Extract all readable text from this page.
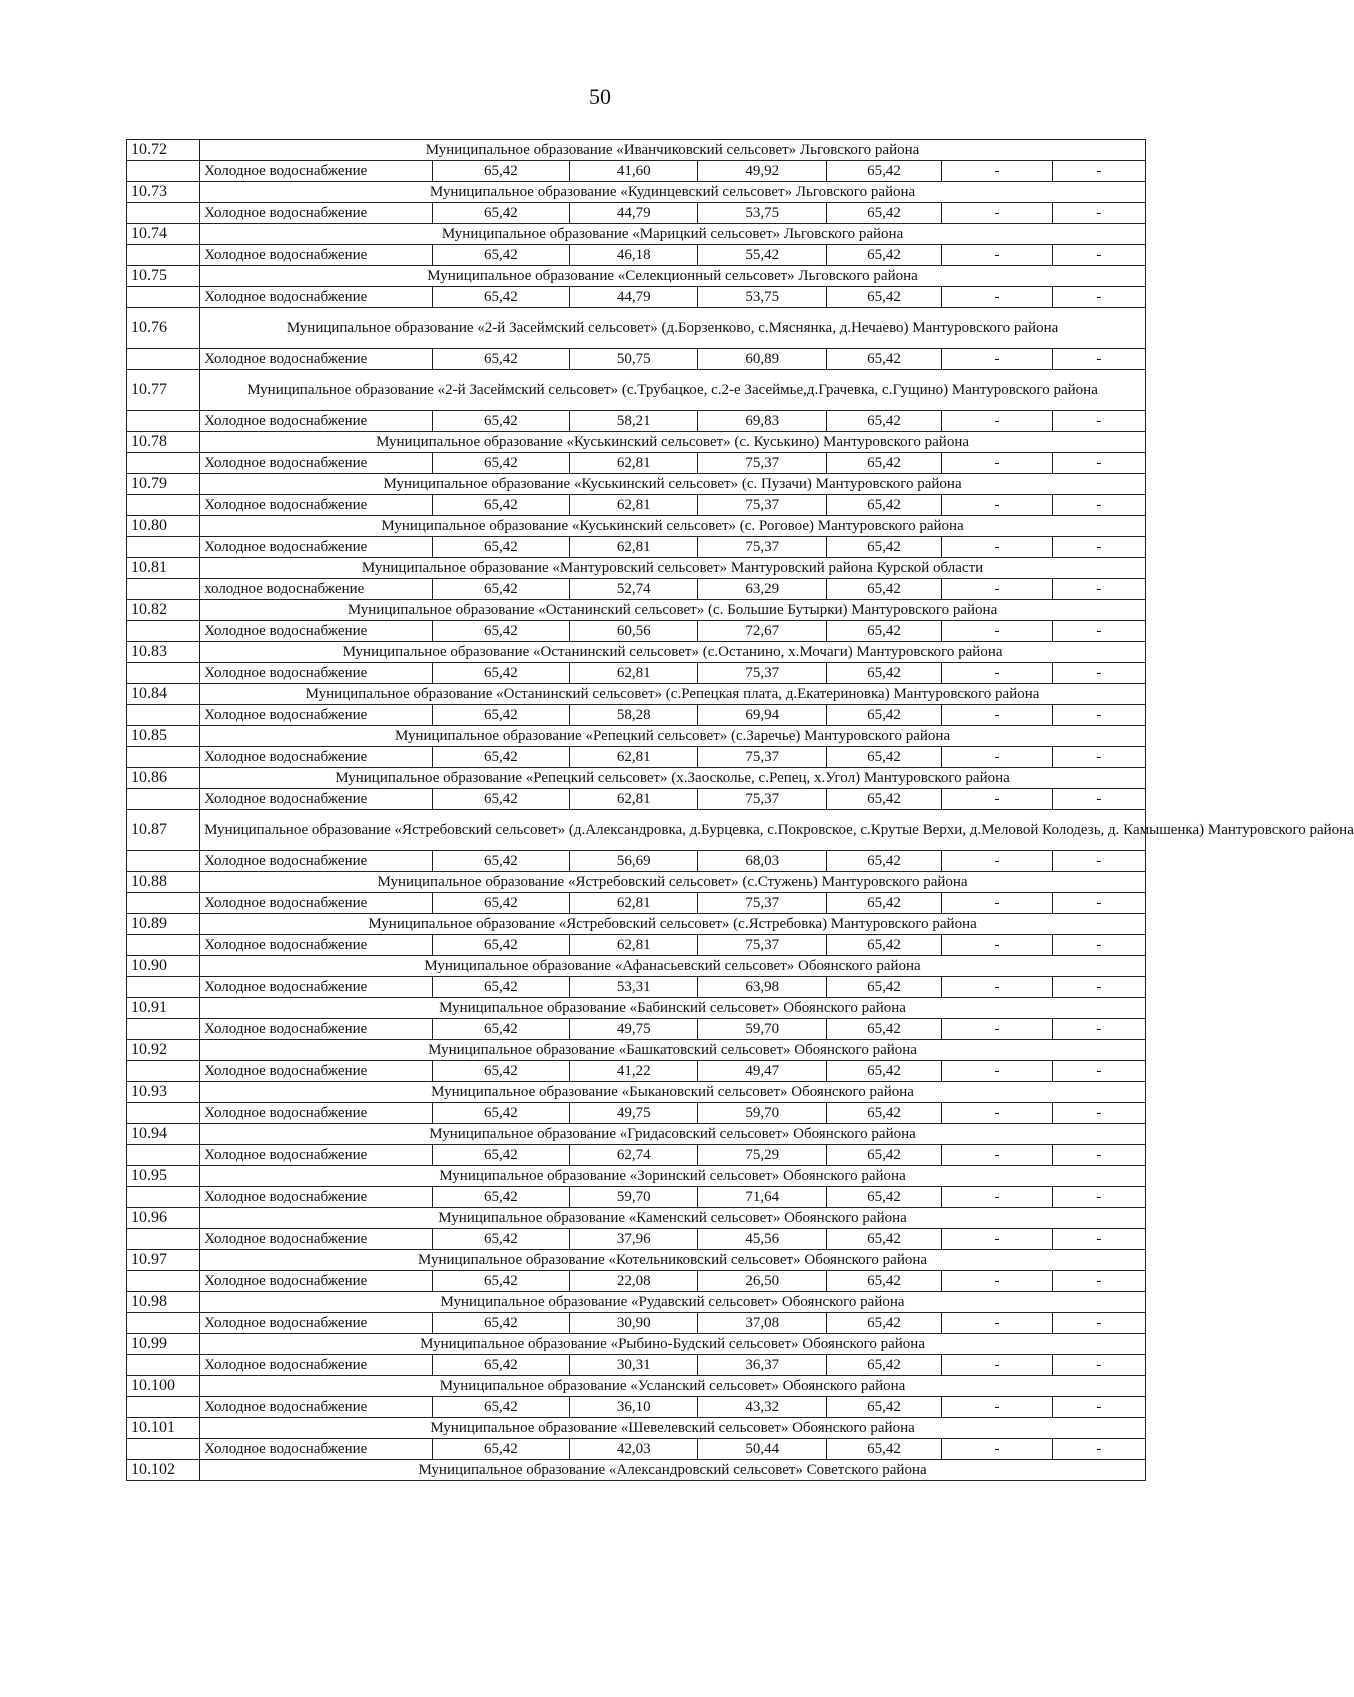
50
10.72	Муниципальное образование «Иванчиковский сельсовет» Льговского района						
	Холодное водоснабжение	65,42	41,60	49,92	65,42	-	-
10.73	Муниципальное образование «Кудинцевский сельсовет» Льговского района						
	Холодное водоснабжение	65,42	44,79	53,75	65,42	-	-
10.74	Муниципальное образование «Марицкий сельсовет» Льговского района						
	Холодное водоснабжение	65,42	46,18	55,42	65,42	-	-
10.75	Муниципальное образование «Селекционный сельсовет» Льговского района						
	Холодное водоснабжение	65,42	44,79	53,75	65,42	-	-
10.76	Муниципальное образование «2-й Засеймский сельсовет» (д.Борзенково, с.Мяснянка, д.Нечаево) Мантуровского района						
	Холодное водоснабжение	65,42	50,75	60,89	65,42	-	-
10.77	Муниципальное образование «2-й Засеймский сельсовет» (с.Трубацкое, с.2-е Засеймье,д.Грачевка, с.Гущино) Мантуровского района						
	Холодное водоснабжение	65,42	58,21	69,83	65,42	-	-
10.78	Муниципальное образование «Куськинский сельсовет» (с. Куськино) Мантуровского района						
	Холодное водоснабжение	65,42	62,81	75,37	65,42	-	-
10.79	Муниципальное образование «Куськинский сельсовет» (с. Пузачи) Мантуровского района						
	Холодное водоснабжение	65,42	62,81	75,37	65,42	-	-
10.80	Муниципальное образование «Куськинский сельсовет» (с. Роговое) Мантуровского района						
	Холодное водоснабжение	65,42	62,81	75,37	65,42	-	-
10.81	Муниципальное образование «Мантуровский сельсовет» Мантуровский района Курской области						
	холодное водоснабжение	65,42	52,74	63,29	65,42	-	-
10.82	Муниципальное образование «Останинский сельсовет» (с. Большие Бутырки) Мантуровского района						
	Холодное водоснабжение	65,42	60,56	72,67	65,42	-	-
10.83	Муниципальное образование «Останинский сельсовет» (с.Останино, х.Мочаги) Мантуровского района						
	Холодное водоснабжение	65,42	62,81	75,37	65,42	-	-
10.84	Муниципальное образование «Останинский сельсовет» (с.Репецкая плата, д.Екатериновка) Мантуровского района						
	Холодное водоснабжение	65,42	58,28	69,94	65,42	-	-
10.85	Муниципальное образование «Репецкий сельсовет» (с.Заречье) Мантуровского района						
	Холодное водоснабжение	65,42	62,81	75,37	65,42	-	-
10.86	Муниципальное образование «Репецкий сельсовет» (х.Заосколье, с.Репец, х.Угол) Мантуровского района						
	Холодное водоснабжение	65,42	62,81	75,37	65,42	-	-
10.87	Муниципальное образование «Ястребовский сельсовет» (д.Александровка, д.Бурцевка, с.Покровское, с.Крутые Верхи, д.Меловой Колодезь, д. Камышенка) Мантуровского района						
	Холодное водоснабжение	65,42	56,69	68,03	65,42	-	-
10.88	Муниципальное образование «Ястребовский сельсовет» (с.Стужень) Мантуровского района						
	Холодное водоснабжение	65,42	62,81	75,37	65,42	-	-
10.89	Муниципальное образование «Ястребовский сельсовет» (с.Ястребовка) Мантуровского района						
	Холодное водоснабжение	65,42	62,81	75,37	65,42	-	-
10.90	Муниципальное образование «Афанасьевский сельсовет» Обоянского района						
	Холодное водоснабжение	65,42	53,31	63,98	65,42	-	-
10.91	Муниципальное образование «Бабинский сельсовет» Обоянского района						
	Холодное водоснабжение	65,42	49,75	59,70	65,42	-	-
10.92	Муниципальное образование «Башкатовский сельсовет» Обоянского района						
	Холодное водоснабжение	65,42	41,22	49,47	65,42	-	-
10.93	Муниципальное образование «Быкановский сельсовет» Обоянского района						
	Холодное водоснабжение	65,42	49,75	59,70	65,42	-	-
10.94	Муниципальное образование «Гридасовский сельсовет» Обоянского района						
	Холодное водоснабжение	65,42	62,74	75,29	65,42	-	-
10.95	Муниципальное образование «Зоринский сельсовет» Обоянского района						
	Холодное водоснабжение	65,42	59,70	71,64	65,42	-	-
10.96	Муниципальное образование «Каменский сельсовет» Обоянского района						
	Холодное водоснабжение	65,42	37,96	45,56	65,42	-	-
10.97	Муниципальное образование «Котельниковский сельсовет» Обоянского района						
	Холодное водоснабжение	65,42	22,08	26,50	65,42	-	-
10.98	Муниципальное образование «Рудавский сельсовет» Обоянского района						
	Холодное водоснабжение	65,42	30,90	37,08	65,42	-	-
10.99	Муниципальное образование «Рыбино-Будский сельсовет» Обоянского района						
	Холодное водоснабжение	65,42	30,31	36,37	65,42	-	-
10.100	Муниципальное образование «Усланский сельсовет» Обоянского района						
	Холодное водоснабжение	65,42	36,10	43,32	65,42	-	-
10.101	Муниципальное образование «Шевелевский сельсовет» Обоянского района						
	Холодное водоснабжение	65,42	42,03	50,44	65,42	-	-
10.102	Муниципальное образование «Александровский сельсовет» Советского района						
